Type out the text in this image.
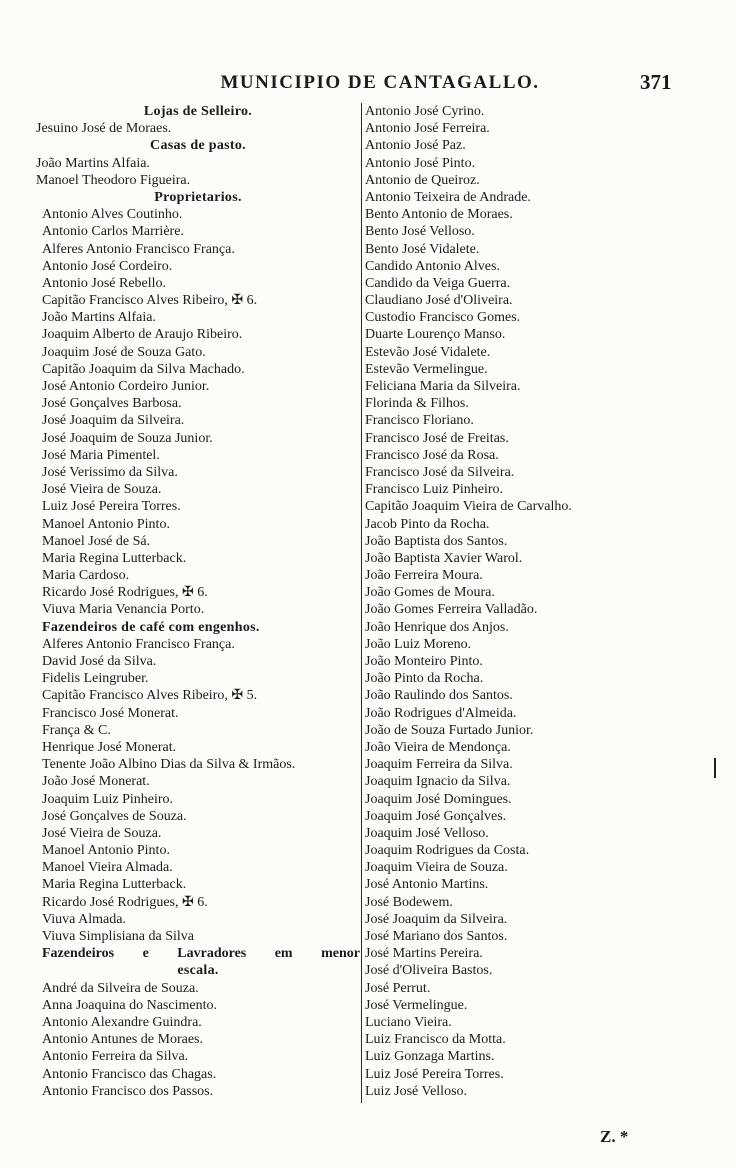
MUNICIPIO DE CANTAGALLO.	371
Lojas de Selleiro.
Jesuino José de Moraes.
Casas de pasto.
João Martins Alfaia.
Manoel Theodoro Figueira.
Proprietarios.
Antonio Alves Coutinho.
Antonio Carlos Marrière.
Alferes Antonio Francisco França.
Antonio José Cordeiro.
Antonio José Rebello.
Capitão Francisco Alves Ribeiro, ✠ 6.
João Martins Alfaia.
Joaquim Alberto de Araujo Ribeiro.
Joaquim José de Souza Gato.
Capitão Joaquim da Silva Machado.
José Antonio Cordeiro Junior.
José Gonçalves Barbosa.
José Joaquim da Silveira.
José Joaquim de Souza Junior.
José Maria Pimentel.
José Verissimo da Silva.
José Vieira de Souza.
Luiz José Pereira Torres.
Manoel Antonio Pinto.
Manoel José de Sá.
Maria Regina Lutterback.
Maria Cardoso.
Ricardo José Rodrigues, ✠ 6.
Viuva Maria Venancia Porto.
Fazendeiros de café com engenhos.
Alferes Antonio Francisco França.
David José da Silva.
Fidelis Leingruber.
Capitão Francisco Alves Ribeiro, ✠ 5.
Francisco José Monerat.
França & C.
Henrique José Monerat.
Tenente João Albino Dias da Silva & Irmãos.
João José Monerat.
Joaquim Luiz Pinheiro.
José Gonçalves de Souza.
José Vieira de Souza.
Manoel Antonio Pinto.
Manoel Vieira Almada.
Maria Regina Lutterback.
Ricardo José Rodrigues, ✠ 6.
Viuva Almada.
Viuva Simplisiana da Silva
Fazendeiros e Lavradores em menor
escala.
André da Silveira de Souza.
Anna Joaquina do Nascimento.
Antonio Alexandre Guindra.
Antonio Antunes de Moraes.
Antonio Ferreira da Silva.
Antonio Francisco das Chagas.
Antonio Francisco dos Passos.
Antonio José Cyrino.
Antonio José Ferreira.
Antonio José Paz.
Antonio José Pinto.
Antonio de Queiroz.
Antonio Teixeira de Andrade.
Bento Antonio de Moraes.
Bento José Velloso.
Bento José Vidalete.
Candido Antonio Alves.
Candido da Veiga Guerra.
Claudiano José d'Oliveira.
Custodio Francisco Gomes.
Duarte Lourenço Manso.
Estevão José Vidalete.
Estevão Vermelingue.
Feliciana Maria da Silveira.
Florinda & Filhos.
Francisco Floriano.
Francisco José de Freitas.
Francisco José da Rosa.
Francisco José da Silveira.
Francisco Luiz Pinheiro.
Capitão Joaquim Vieira de Carvalho.
Jacob Pinto da Rocha.
João Baptista dos Santos.
João Baptista Xavier Warol.
João Ferreira Moura.
João Gomes de Moura.
João Gomes Ferreira Valladão.
João Henrique dos Anjos.
João Luiz Moreno.
João Monteiro Pinto.
João Pinto da Rocha.
João Raulindo dos Santos.
João Rodrigues d'Almeida.
João de Souza Furtado Junior.
João Vieira de Mendonça.
Joaquim Ferreira da Silva.
Joaquim Ignacio da Silva.
Joaquim José Domingues.
Joaquim José Gonçalves.
Joaquim José Velloso.
Joaquim Rodrigues da Costa.
Joaquim Vieira de Souza.
José Antonio Martins.
José Bodewem.
José Joaquim da Silveira.
José Mariano dos Santos.
José Martins Pereira.
José d'Oliveira Bastos.
José Perrut.
José Vermelingue.
Luciano Vieira.
Luiz Francisco da Motta.
Luiz Gonzaga Martins.
Luiz José Pereira Torres.
Luiz José Velloso.
Z. *
